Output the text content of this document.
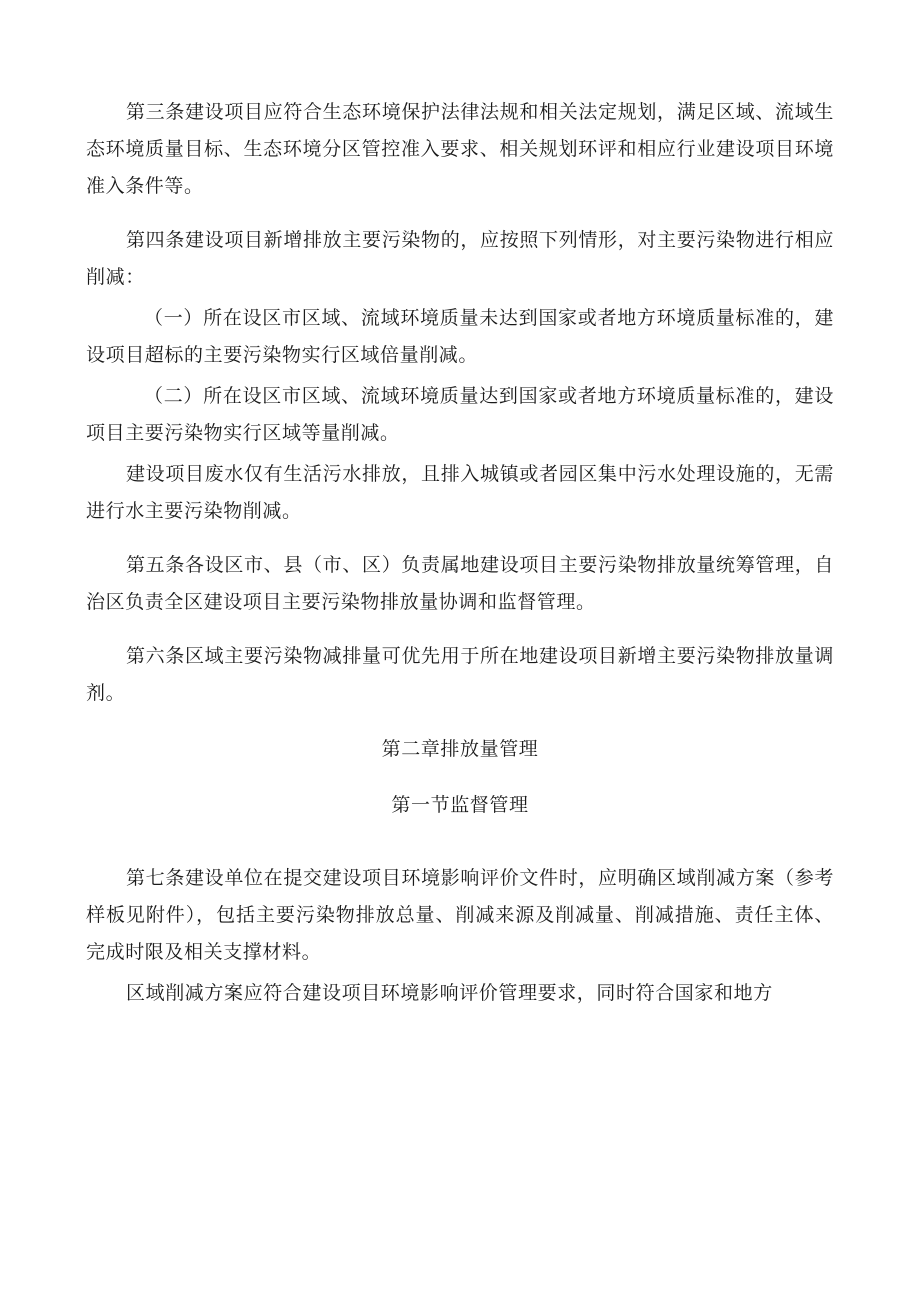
第三条建设项目应符合生态环境保护法律法规和相关法定规划，满足区域、流域生态环境质量目标、生态环境分区管控准入要求、相关规划环评和相应行业建设项目环境准入条件等。

第四条建设项目新增排放主要污染物的，应按照下列情形，对主要污染物进行相应削减：

（一）所在设区市区域、流域环境质量未达到国家或者地方环境质量标准的，建设项目超标的主要污染物实行区域倍量削减。

（二）所在设区市区域、流域环境质量达到国家或者地方环境质量标准的，建设项目主要污染物实行区域等量削减。

建设项目废水仅有生活污水排放，且排入城镇或者园区集中污水处理设施的，无需进行水主要污染物削减。

第五条各设区市、县（市、区）负责属地建设项目主要污染物排放量统筹管理，自治区负责全区建设项目主要污染物排放量协调和监督管理。

第六条区域主要污染物减排量可优先用于所在地建设项目新增主要污染物排放量调剂。

第二章排放量管理

第一节监督管理

第七条建设单位在提交建设项目环境影响评价文件时，应明确区域削减方案（参考样板见附件），包括主要污染物排放总量、削减来源及削减量、削减措施、责任主体、完成时限及相关支撑材料。

区域削减方案应符合建设项目环境影响评价管理要求，同时符合国家和地方
